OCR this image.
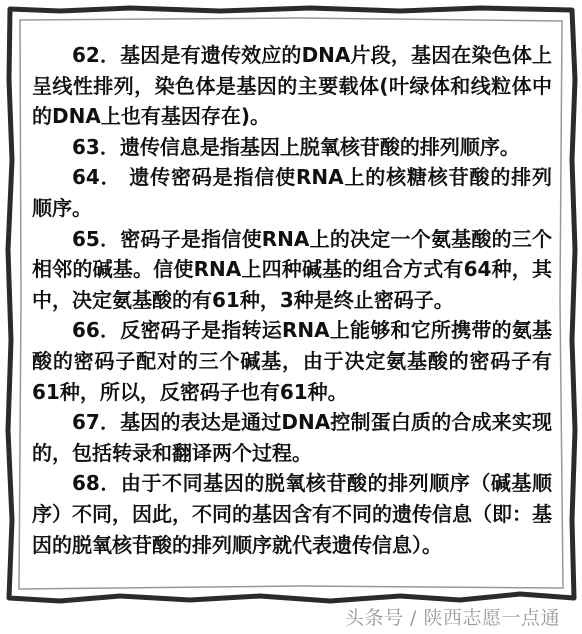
62．基因是有遗传效应的DNA片段，基因在染色体上呈线性排列，染色体是基因的主要载体(叶绿体和线粒体中的DNA上也有基因存在)。

63．遗传信息是指基因上脱氧核苷酸的排列顺序。

64． 遗传密码是指信使RNA上的核糖核苷酸的排列顺序。

65．密码子是指信使RNA上的决定一个氨基酸的三个相邻的碱基。信使RNA上四种碱基的组合方式有64种，其中，决定氨基酸的有61种，3种是终止密码子。

66．反密码子是指转运RNA上能够和它所携带的氨基酸的密码子配对的三个碱基，由于决定氨基酸的密码子有61种，所以，反密码子也有61种。

67．基因的表达是通过DNA控制蛋白质的合成来实现的，包括转录和翻译两个过程。

68．由于不同基因的脱氧核苷酸的排列顺序（碱基顺序）不同，因此，不同的基因含有不同的遗传信息（即：基因的脱氧核苷酸的排列顺序就代表遗传信息）。

头条号 / 陕西志愿一点通
